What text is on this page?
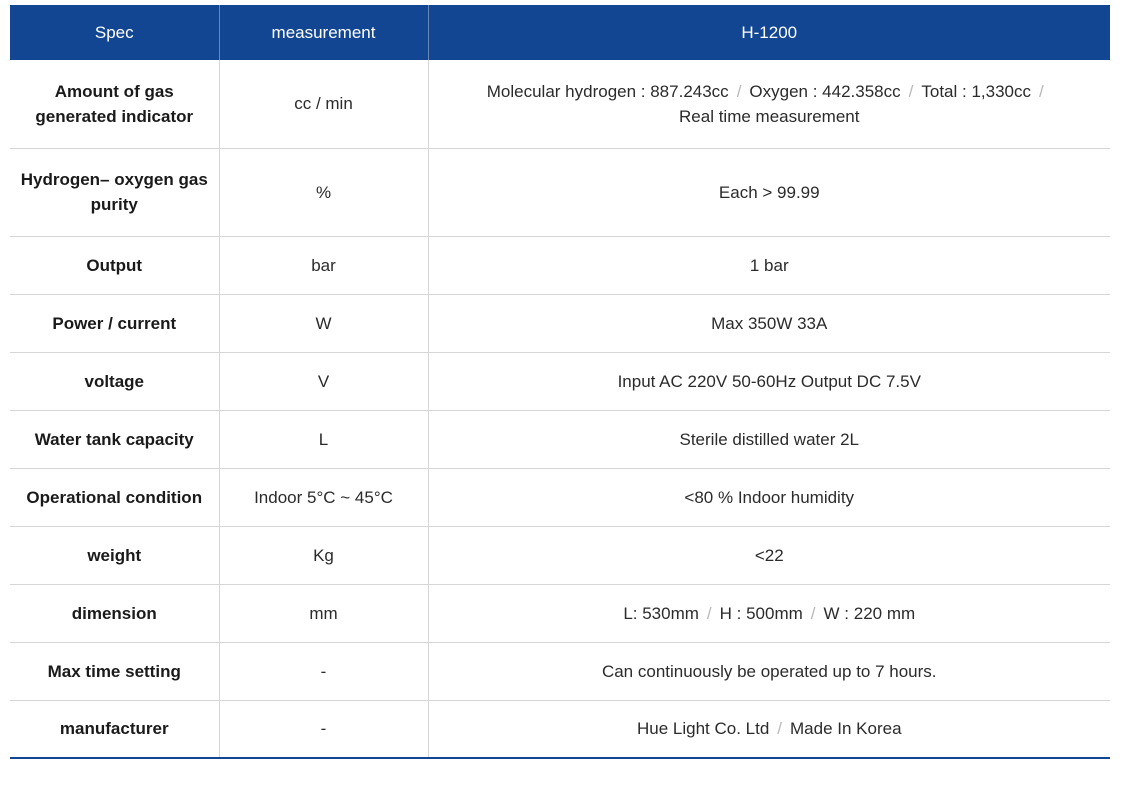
Spec	measurement	H-1200
Amount of gas generated indicator	cc / min	Molecular hydrogen : 887.243cc / Oxygen : 442.358cc / Total : 1,330cc /
Real time measurement
Hydrogen– oxygen gas purity	%	Each > 99.99
Output	bar	1 bar
Power / current	W	Max 350W 33A
voltage	V	Input AC 220V 50-60Hz Output DC 7.5V
Water tank capacity	L	Sterile distilled water 2L
Operational condition	Indoor 5°C ~ 45°C	<80 % Indoor humidity
weight	Kg	<22
dimension	mm	L: 530mm / H : 500mm / W : 220 mm
Max time setting	-	Can continuously be operated up to 7 hours.
manufacturer	-	Hue Light Co. Ltd / Made In Korea
